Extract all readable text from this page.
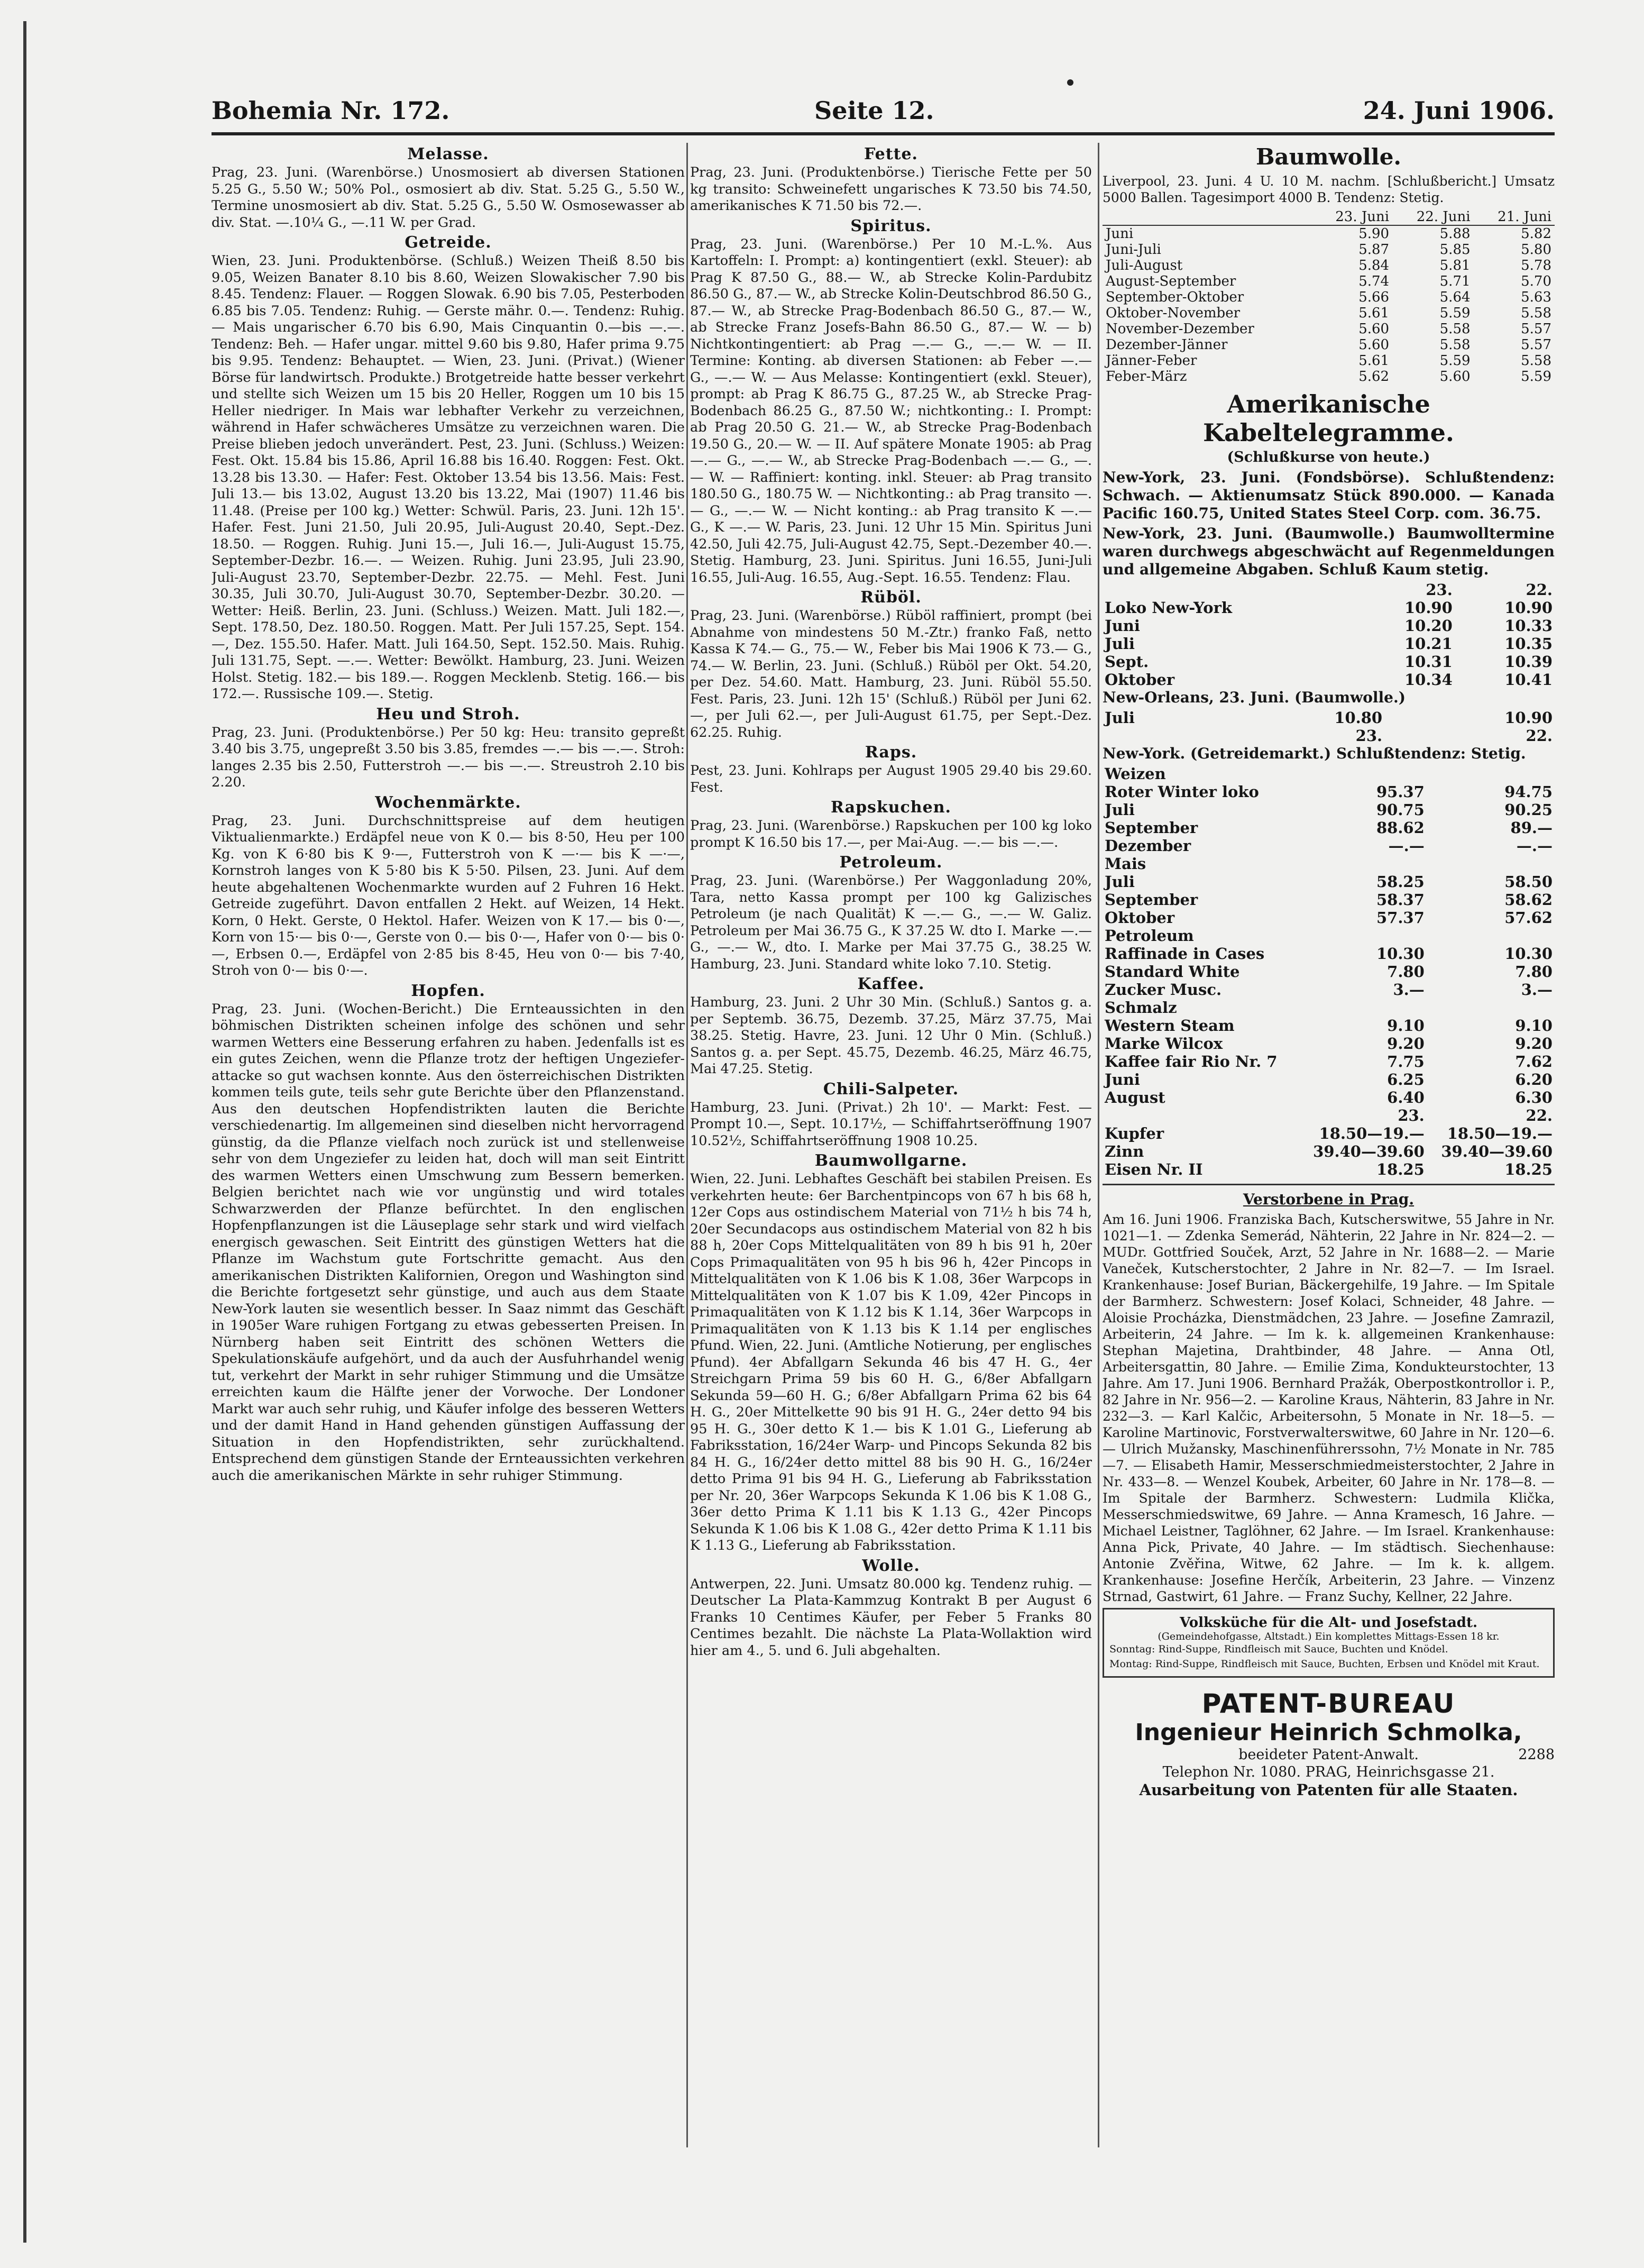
Bohemia Nr. 172.	Seite 12.	24. Juni 1906.
Melasse.

Prag, 23. Juni. (Warenbörse.) Unosmosiert ab diversen Stationen 5.25 G., 5.50 W.; 50% Pol., osmosiert ab div. Stat. 5.25 G., 5.50 W., Termine unosmosiert ab div. Stat. 5.25 G., 5.50 W. Osmosewasser ab div. Stat. —.10¼ G., —.11 W. per Grad.

Getreide.

Wien, 23. Juni. Produktenbörse. (Schluß.) Weizen Theiß 8.50 bis 9.05, Weizen Banater 8.10 bis 8.60, Weizen Slowakischer 7.90 bis 8.45. Tendenz: Flauer. — Roggen Slowak. 6.90 bis 7.05, Pesterboden 6.85 bis 7.05. Tendenz: Ruhig. — Gerste mähr. 0.—. Tendenz: Ruhig. — Mais ungarischer 6.70 bis 6.90, Mais Cinquantin 0.—bis —.—. Tendenz: Beh. — Hafer ungar. mittel 9.60 bis 9.80, Hafer prima 9.75 bis 9.95. Tendenz: Behauptet. — Wien, 23. Juni. (Privat.) (Wiener Börse für landwirtsch. Produkte.) Brotgetreide hatte besser verkehrt und stellte sich Weizen um 15 bis 20 Heller, Roggen um 10 bis 15 Heller niedriger. In Mais war lebhafter Verkehr zu verzeichnen, während in Hafer schwächeres Umsätze zu verzeichnen waren. Die Preise blieben jedoch unverändert. Pest, 23. Juni. (Schluss.) Weizen: Fest. Okt. 15.84 bis 15.86, April 16.88 bis 16.40. Roggen: Fest. Okt. 13.28 bis 13.30. — Hafer: Fest. Oktober 13.54 bis 13.56. Mais: Fest. Juli 13.— bis 13.02, August 13.20 bis 13.22, Mai (1907) 11.46 bis 11.48. (Preise per 100 kg.) Wetter: Schwül. Paris, 23. Juni. 12h 15'. Hafer. Fest. Juni 21.50, Juli 20.95, Juli-August 20.40, Sept.-Dez. 18.50. — Roggen. Ruhig. Juni 15.—, Juli 16.—, Juli-August 15.75, September-Dezbr. 16.—. — Weizen. Ruhig. Juni 23.95, Juli 23.90, Juli-August 23.70, September-Dezbr. 22.75. — Mehl. Fest. Juni 30.35, Juli 30.70, Juli-August 30.70, September-Dezbr. 30.20. — Wetter: Heiß. Berlin, 23. Juni. (Schluss.) Weizen. Matt. Juli 182.—, Sept. 178.50, Dez. 180.50. Roggen. Matt. Per Juli 157.25, Sept. 154.—, Dez. 155.50. Hafer. Matt. Juli 164.50, Sept. 152.50. Mais. Ruhig. Juli 131.75, Sept. —.—. Wetter: Bewölkt. Hamburg, 23. Juni. Weizen Holst. Stetig. 182.— bis 189.—. Roggen Mecklenb. Stetig. 166.— bis 172.—. Russische 109.—. Stetig.

Heu und Stroh.

Prag, 23. Juni. (Produktenbörse.) Per 50 kg: Heu: transito gepreßt 3.40 bis 3.75, ungepreßt 3.50 bis 3.85, fremdes —.— bis —.—. Stroh: langes 2.35 bis 2.50, Futterstroh —.— bis —.—. Streustroh 2.10 bis 2.20.

Wochenmärkte.

Prag, 23. Juni. Durchschnittspreise auf dem heutigen Viktualienmarkte.) Erdäpfel neue von K 0.— bis 8·50, Heu per 100 Kg. von K 6·80 bis K 9·—, Futterstroh von K —·— bis K —·—, Kornstroh langes von K 5·80 bis K 5·50. Pilsen, 23. Juni. Auf dem heute abgehaltenen Wochenmarkte wurden auf 2 Fuhren 16 Hekt. Getreide zugeführt. Davon entfallen 2 Hekt. auf Weizen, 14 Hekt. Korn, 0 Hekt. Gerste, 0 Hektol. Hafer. Weizen von K 17.— bis 0·—, Korn von 15·— bis 0·—, Gerste von 0.— bis 0·—, Hafer von 0·— bis 0·—, Erbsen 0.—, Erdäpfel von 2·85 bis 8·45, Heu von 0·— bis 7·40, Stroh von 0·— bis 0·—.

Hopfen.

Prag, 23. Juni. (Wochen-Bericht.) Die Ernteaussichten in den böhmischen Distrikten scheinen infolge des schönen und sehr warmen Wetters eine Besserung erfahren zu haben. Jedenfalls ist es ein gutes Zeichen, wenn die Pflanze trotz der heftigen Ungeziefer-attacke so gut wachsen konnte. Aus den österreichischen Distrikten kommen teils gute, teils sehr gute Berichte über den Pflanzenstand. Aus den deutschen Hopfendistrikten lauten die Berichte verschiedenartig. Im allgemeinen sind dieselben nicht hervorragend günstig, da die Pflanze vielfach noch zurück ist und stellenweise sehr von dem Ungeziefer zu leiden hat, doch will man seit Eintritt des warmen Wetters einen Umschwung zum Bessern bemerken. Belgien berichtet nach wie vor ungünstig und wird totales Schwarzwerden der Pflanze befürchtet. In den englischen Hopfenpflanzungen ist die Läuseplage sehr stark und wird vielfach energisch gewaschen. Seit Eintritt des günstigen Wetters hat die Pflanze im Wachstum gute Fortschritte gemacht. Aus den amerikanischen Distrikten Kalifornien, Oregon und Washington sind die Berichte fortgesetzt sehr günstige, und auch aus dem Staate New-York lauten sie wesentlich besser. In Saaz nimmt das Geschäft in 1905er Ware ruhigen Fortgang zu etwas gebesserten Preisen. In Nürnberg haben seit Eintritt des schönen Wetters die Spekulationskäufe aufgehört, und da auch der Ausfuhrhandel wenig tut, verkehrt der Markt in sehr ruhiger Stimmung und die Umsätze erreichten kaum die Hälfte jener der Vorwoche. Der Londoner Markt war auch sehr ruhig, und Käufer infolge des besseren Wetters und der damit Hand in Hand gehenden günstigen Auffassung der Situation in den Hopfendistrikten, sehr zurückhaltend. Entsprechend dem günstigen Stande der Ernteaussichten verkehren auch die amerikanischen Märkte in sehr ruhiger Stimmung.

Fette.

Prag, 23. Juni. (Produktenbörse.) Tierische Fette per 50 kg transito: Schweinefett ungarisches K 73.50 bis 74.50, amerikanisches K 71.50 bis 72.—.

Spiritus.

Prag, 23. Juni. (Warenbörse.) Per 10 M.-L.%. Aus Kartoffeln: I. Prompt: a) kontingentiert (exkl. Steuer): ab Prag K 87.50 G., 88.— W., ab Strecke Kolin-Pardubitz 86.50 G., 87.— W., ab Strecke Kolin-Deutschbrod 86.50 G., 87.— W., ab Strecke Prag-Bodenbach 86.50 G., 87.— W., ab Strecke Franz Josefs-Bahn 86.50 G., 87.— W. — b) Nichtkontingentiert: ab Prag —.— G., —.— W. — II. Termine: Konting. ab diversen Stationen: ab Feber —.— G., —.— W. — Aus Melasse: Kontingentiert (exkl. Steuer), prompt: ab Prag K 86.75 G., 87.25 W., ab Strecke Prag-Bodenbach 86.25 G., 87.50 W.; nichtkonting.: I. Prompt: ab Prag 20.50 G. 21.— W., ab Strecke Prag-Bodenbach 19.50 G., 20.— W. — II. Auf spätere Monate 1905: ab Prag —.— G., —.— W., ab Strecke Prag-Bodenbach —.— G., —.— W. — Raffiniert: konting. inkl. Steuer: ab Prag transito 180.50 G., 180.75 W. — Nichtkonting.: ab Prag transito —.— G., —.— W. — Nicht konting.: ab Prag transito K —.— G., K —.— W. Paris, 23. Juni. 12 Uhr 15 Min. Spiritus Juni 42.50, Juli 42.75, Juli-August 42.75, Sept.-Dezember 40.—. Stetig. Hamburg, 23. Juni. Spiritus. Juni 16.55, Juni-Juli 16.55, Juli-Aug. 16.55, Aug.-Sept. 16.55. Tendenz: Flau.

Rüböl.

Prag, 23. Juni. (Warenbörse.) Rüböl raffiniert, prompt (bei Abnahme von mindestens 50 M.-Ztr.) franko Faß, netto Kassa K 74.— G., 75.— W., Feber bis Mai 1906 K 73.— G., 74.— W. Berlin, 23. Juni. (Schluß.) Rüböl per Okt. 54.20, per Dez. 54.60. Matt. Hamburg, 23. Juni. Rüböl 55.50. Fest. Paris, 23. Juni. 12h 15' (Schluß.) Rüböl per Juni 62.—, per Juli 62.—, per Juli-August 61.75, per Sept.-Dez. 62.25. Ruhig.

Raps.

Pest, 23. Juni. Kohlraps per August 1905 29.40 bis 29.60. Fest.

Rapskuchen.

Prag, 23. Juni. (Warenbörse.) Rapskuchen per 100 kg loko prompt K 16.50 bis 17.—, per Mai-Aug. —.— bis —.—.

Petroleum.

Prag, 23. Juni. (Warenbörse.) Per Waggonladung 20%, Tara, netto Kassa prompt per 100 kg Galizisches Petroleum (je nach Qualität) K —.— G., —.— W. Galiz. Petroleum per Mai 36.75 G., K 37.25 W. dto I. Marke —.— G., —.— W., dto. I. Marke per Mai 37.75 G., 38.25 W. Hamburg, 23. Juni. Standard white loko 7.10. Stetig.

Kaffee.

Hamburg, 23. Juni. 2 Uhr 30 Min. (Schluß.) Santos g. a. per Septemb. 36.75, Dezemb. 37.25, März 37.75, Mai 38.25. Stetig. Havre, 23. Juni. 12 Uhr 0 Min. (Schluß.) Santos g. a. per Sept. 45.75, Dezemb. 46.25, März 46.75, Mai 47.25. Stetig.

Chili-Salpeter.

Hamburg, 23. Juni. (Privat.) 2h 10'. — Markt: Fest. — Prompt 10.—, Sept. 10.17½, — Schiffahrtseröffnung 1907 10.52½, Schiffahrtseröffnung 1908 10.25.

Baumwollgarne.

Wien, 22. Juni. Lebhaftes Geschäft bei stabilen Preisen. Es verkehrten heute: 6er Barchentpincops von 67 h bis 68 h, 12er Cops aus ostindischem Material von 71½ h bis 74 h, 20er Secundacops aus ostindischem Material von 82 h bis 88 h, 20er Cops Mittelqualitäten von 89 h bis 91 h, 20er Cops Primaqualitäten von 95 h bis 96 h, 42er Pincops in Mittelqualitäten von K 1.06 bis K 1.08, 36er Warpcops in Mittelqualitäten von K 1.07 bis K 1.09, 42er Pincops in Primaqualitäten von K 1.12 bis K 1.14, 36er Warpcops in Primaqualitäten von K 1.13 bis K 1.14 per englisches Pfund. Wien, 22. Juni. (Amtliche Notierung, per englisches Pfund). 4er Abfallgarn Sekunda 46 bis 47 H. G., 4er Streichgarn Prima 59 bis 60 H. G., 6/8er Abfallgarn Sekunda 59—60 H. G.; 6/8er Abfallgarn Prima 62 bis 64 H. G., 20er Mittelkette 90 bis 91 H. G., 24er detto 94 bis 95 H. G., 30er detto K 1.— bis K 1.01 G., Lieferung ab Fabriksstation, 16/24er Warp- und Pincops Sekunda 82 bis 84 H. G., 16/24er detto mittel 88 bis 90 H. G., 16/24er detto Prima 91 bis 94 H. G., Lieferung ab Fabriksstation per Nr. 20, 36er Warpcops Sekunda K 1.06 bis K 1.08 G., 36er detto Prima K 1.11 bis K 1.13 G., 42er Pincops Sekunda K 1.06 bis K 1.08 G., 42er detto Prima K 1.11 bis K 1.13 G., Lieferung ab Fabriksstation.

Wolle.

Antwerpen, 22. Juni. Umsatz 80.000 kg. Tendenz ruhig. — Deutscher La Plata-Kammzug Kontrakt B per August 6 Franks 10 Centimes Käufer, per Feber 5 Franks 80 Centimes bezahlt. Die nächste La Plata-Wollaktion wird hier am 4., 5. und 6. Juli abgehalten.

Baumwolle.

Liverpool, 23. Juni. 4 U. 10 M. nachm. [Schlußbericht.] Umsatz 5000 Ballen. Tagesimport 4000 B. Tendenz: Stetig.

	23. Juni	22. Juni	21. Juni
Juni	5.90	5.88	5.82
Juni-Juli	5.87	5.85	5.80
Juli-August	5.84	5.81	5.78
August-September	5.74	5.71	5.70
September-Oktober	5.66	5.64	5.63
Oktober-November	5.61	5.59	5.58
November-Dezember	5.60	5.58	5.57
Dezember-Jänner	5.60	5.58	5.57
Jänner-Feber	5.61	5.59	5.58
Feber-März	5.62	5.60	5.59
Amerikanische Kabeltelegramme.
(Schlußkurse von heute.)

New-York, 23. Juni. (Fondsbörse). Schlußtendenz: Schwach. — Aktienumsatz Stück 890.000. — Kanada Pacific 160.75, United States Steel Corp. com. 36.75.

New-York, 23. Juni. (Baumwolle.) Baumwolltermine waren durchwegs abgeschwächt auf Regenmeldungen und allgemeine Abgaben. Schluß Kaum stetig.

	23.	22.
Loko New-York	10.90	10.90
Juni	10.20	10.33
Juli	10.21	10.35
Sept.	10.31	10.39
Oktober	10.34	10.41

New-Orleans, 23. Juni. (Baumwolle.)

Juli	10.80	10.90
	23.	22.

New-York. (Getreidemarkt.) Schlußtendenz: Stetig.

Weizen		
Roter Winter loko	95.37	94.75
Juli	90.75	90.25
September	88.62	89.—
Dezember	—.—	—.—
Mais		
Juli	58.25	58.50
September	58.37	58.62
Oktober	57.37	57.62
Petroleum		
Raffinade in Cases	10.30	10.30
Standard White	7.80	7.80
Zucker Musc.	3.—	3.—
Schmalz		
Western Steam	9.10	9.10
Marke Wilcox	9.20	9.20
Kaffee fair Rio Nr. 7	7.75	7.62
Juni	6.25	6.20
August	6.40	6.30
	23.	22.
Kupfer	18.50—19.—	18.50—19.—
Zinn	39.40—39.60	39.40—39.60
Eisen Nr. II	18.25	18.25
Verstorbene in Prag.

Am 16. Juni 1906. Franziska Bach, Kutscherswitwe, 55 Jahre in Nr. 1021—1. — Zdenka Semerád, Nähterin, 22 Jahre in Nr. 824—2. — MUDr. Gottfried Souček, Arzt, 52 Jahre in Nr. 1688—2. — Marie Vaneček, Kutscherstochter, 2 Jahre in Nr. 82—7. — Im Israel. Krankenhause: Josef Burian, Bäckergehilfe, 19 Jahre. — Im Spitale der Barmherz. Schwestern: Josef Kolaci, Schneider, 48 Jahre. — Aloisie Procházka, Dienstmädchen, 23 Jahre. — Josefine Zamrazil, Arbeiterin, 24 Jahre. — Im k. k. allgemeinen Krankenhause: Stephan Majetina, Drahtbinder, 48 Jahre. — Anna Otl, Arbeitersgattin, 80 Jahre. — Emilie Zima, Kondukteurstochter, 13 Jahre. Am 17. Juni 1906. Bernhard Pražák, Oberpostkontrollor i. P., 82 Jahre in Nr. 956—2. — Karoline Kraus, Nähterin, 83 Jahre in Nr. 232—3. — Karl Kalčic, Arbeitersohn, 5 Monate in Nr. 18—5. — Karoline Martinovic, Forstverwalterswitwe, 60 Jahre in Nr. 120—6. — Ulrich Mužansky, Maschinenführerssohn, 7½ Monate in Nr. 785—7. — Elisabeth Hamir, Messerschmiedmeisterstochter, 2 Jahre in Nr. 433—8. — Wenzel Koubek, Arbeiter, 60 Jahre in Nr. 178—8. — Im Spitale der Barmherz. Schwestern: Ludmila Klička, Messerschmiedswitwe, 69 Jahre. — Anna Kramesch, 16 Jahre. — Michael Leistner, Taglöhner, 62 Jahre. — Im Israel. Krankenhause: Anna Pick, Private, 40 Jahre. — Im städtisch. Siechenhause: Antonie Zvěřina, Witwe, 62 Jahre. — Im k. k. allgem. Krankenhause: Josefine Herčík, Arbeiterin, 23 Jahre. — Vinzenz Strnad, Gastwirt, 61 Jahre. — Franz Suchy, Kellner, 22 Jahre.

Volksküche für die Alt- und Josefstadt.
(Gemeindehofgasse, Altstadt.) Ein komplettes Mittags-Essen 18 kr.

Sonntag: Rind-Suppe, Rindfleisch mit Sauce, Buchten und Knödel.

Montag: Rind-Suppe, Rindfleisch mit Sauce, Buchten, Erbsen und Knödel mit Kraut.

PATENT-BUREAU
Ingenieur Heinrich Schmolka,
beeideter Patent-Anwalt.	2288
Telephon Nr. 1080. PRAG, Heinrichsgasse 21.
Ausarbeitung von Patenten für alle Staaten.
